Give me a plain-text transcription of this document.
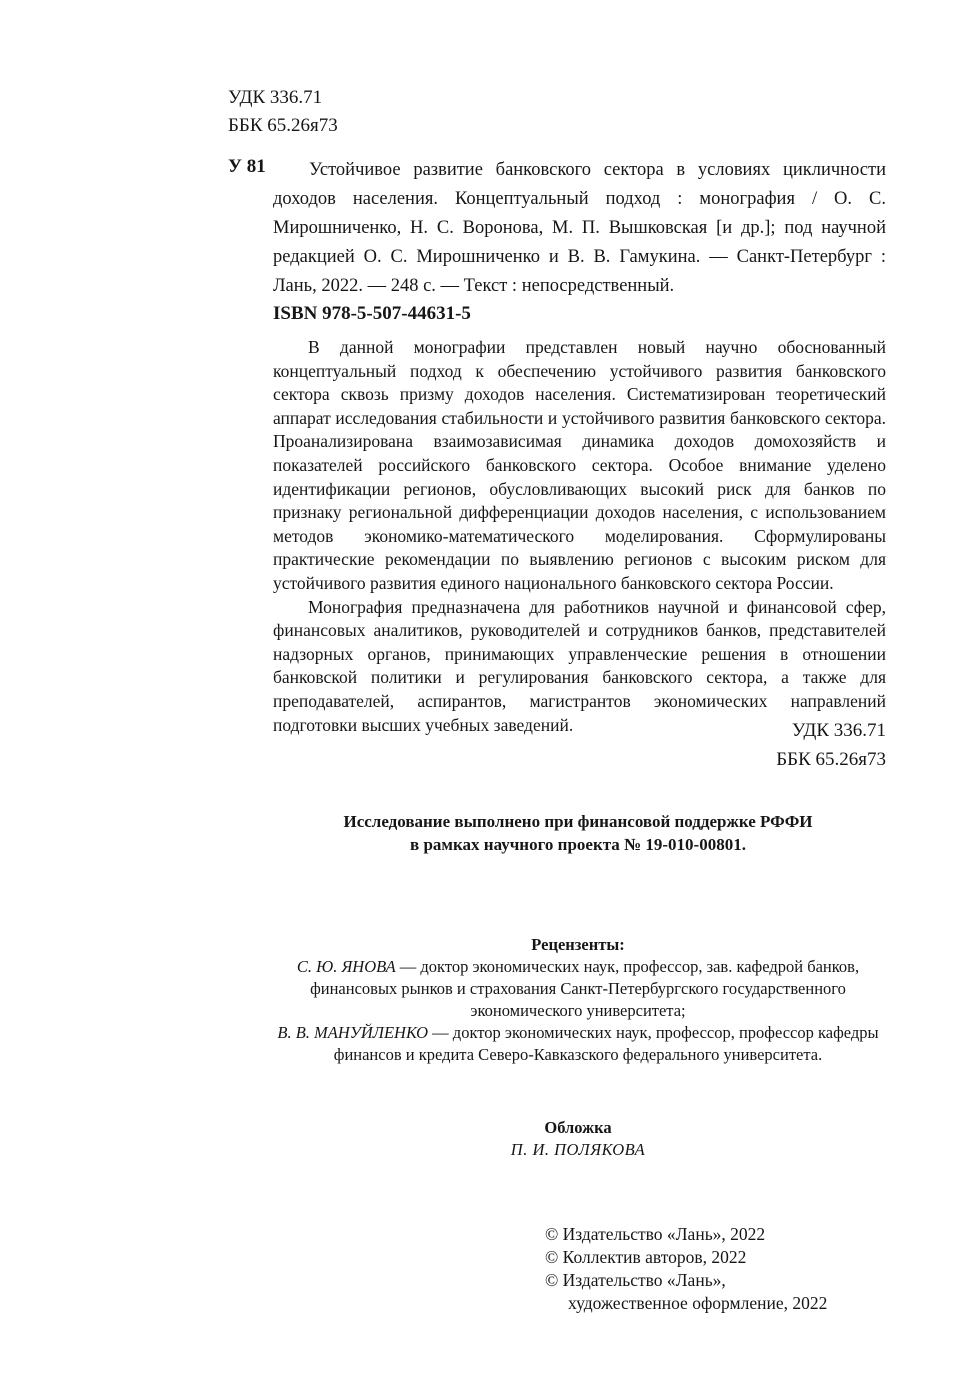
УДК 336.71
ББК 65.26я73
У 81	Устойчивое развитие банковского сектора в условиях цикличности доходов населения. Концептуальный подход : монография / О. С. Мирошниченко, Н. С. Воронова, М. П. Вышковская [и др.]; под научной редакцией О. С. Мирошниченко и В. В. Гамукина. — Санкт-Петербург : Лань, 2022. — 248 с. — Текст : непосредственный.

ISBN 978-5-507-44631-5

В данной монографии представлен новый научно обоснованный концептуальный подход к обеспечению устойчивого развития банковского сектора сквозь призму доходов населения. Систематизирован теоретический аппарат исследования стабильности и устойчивого развития банковского сектора. Проанализирована взаимозависимая динамика доходов домохозяйств и показателей российского банковского сектора. Особое внимание уделено идентификации регионов, обусловливающих высокий риск для банков по признаку региональной дифференциации доходов населения, с использованием методов экономико-математического моделирования. Сформулированы практические рекомендации по выявлению регионов с высоким риском для устойчивого развития единого национального банковского сектора России.

Монография предназначена для работников научной и финансовой сфер, финансовых аналитиков, руководителей и сотрудников банков, представителей надзорных органов, принимающих управленческие решения в отношении банковской политики и регулирования банковского сектора, а также для преподавателей, аспирантов, магистрантов экономических направлений подготовки высших учебных заведений.	УДК 336.71
ББК 65.26я73
Исследование выполнено при финансовой поддержке РФФИ
в рамках научного проекта № 19-010-00801.
Рецензенты:

С. Ю. ЯНОВА — доктор экономических наук, профессор, зав. кафедрой банков, финансовых рынков и страхования Санкт-Петербургского государственного экономического университета;

В. В. МАНУЙЛЕНКО — доктор экономических наук, профессор, профессор кафедры финансов и кредита Северо-Кавказского федерального университета.

Обложка
П. И. ПОЛЯКОВА
© Издательство «Лань», 2022
© Коллектив авторов, 2022
© Издательство «Лань»,
художественное оформление, 2022
